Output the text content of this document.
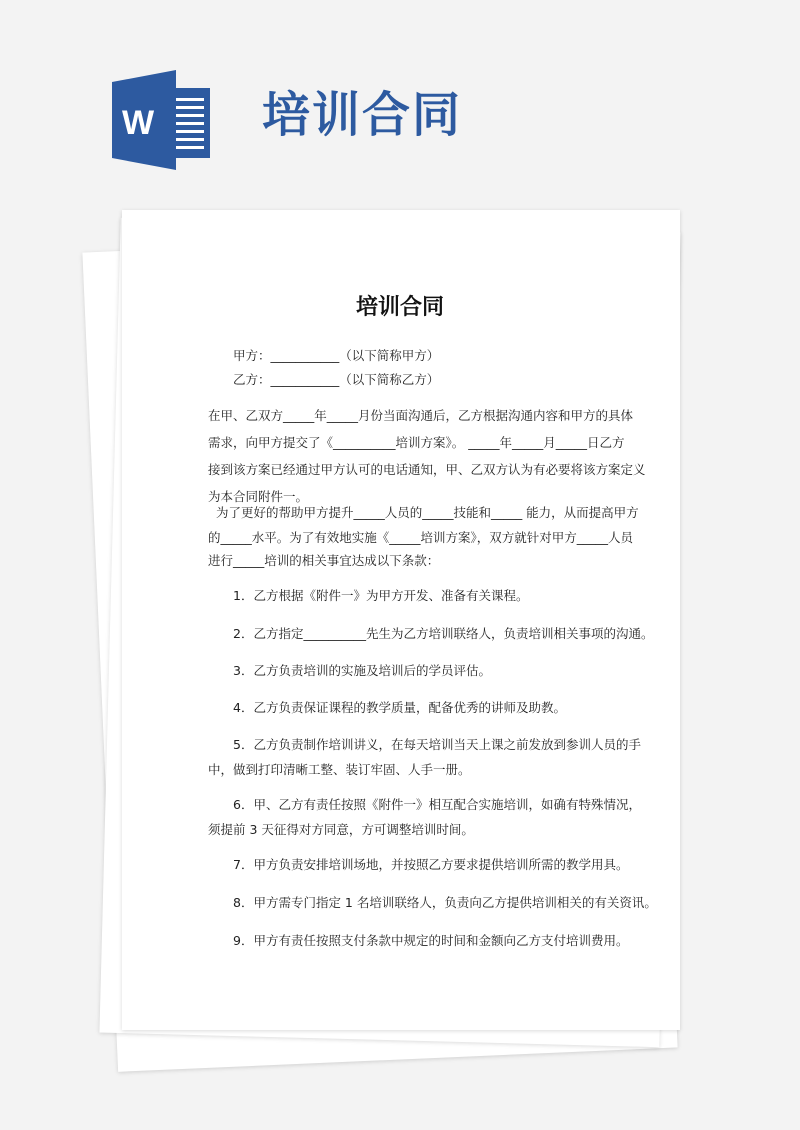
W 培训合同
培训合同
甲方：___________（以下简称甲方）
乙方：___________（以下简称乙方）
在甲、乙双方_____年_____月份当面沟通后，乙方根据沟通内容和甲方的具体
需求，向甲方提交了《__________培训方案》。 _____年_____月_____日乙方
接到该方案已经通过甲方认可的电话通知，甲、乙双方认为有必要将该方案定义
为本合同附件一。
为了更好的帮助甲方提升_____人员的_____技能和_____ 能力，从而提高甲方
的_____水平。为了有效地实施《_____培训方案》，双方就针对甲方_____人员
进行_____培训的相关事宜达成以下条款：
1．乙方根据《附件一》为甲方开发、准备有关课程。
2．乙方指定__________先生为乙方培训联络人，负责培训相关事项的沟通。
3．乙方负责培训的实施及培训后的学员评估。
4．乙方负责保证课程的教学质量，配备优秀的讲师及助教。
5．乙方负责制作培训讲义，在每天培训当天上课之前发放到参训人员的手
中，做到打印清晰工整、装订牢固、人手一册。
6．甲、乙方有责任按照《附件一》相互配合实施培训，如确有特殊情况，
须提前 3 天征得对方同意，方可调整培训时间。
7．甲方负责安排培训场地，并按照乙方要求提供培训所需的教学用具。
8．甲方需专门指定 1 名培训联络人，负责向乙方提供培训相关的有关资讯。
9．甲方有责任按照支付条款中规定的时间和金额向乙方支付培训费用。
